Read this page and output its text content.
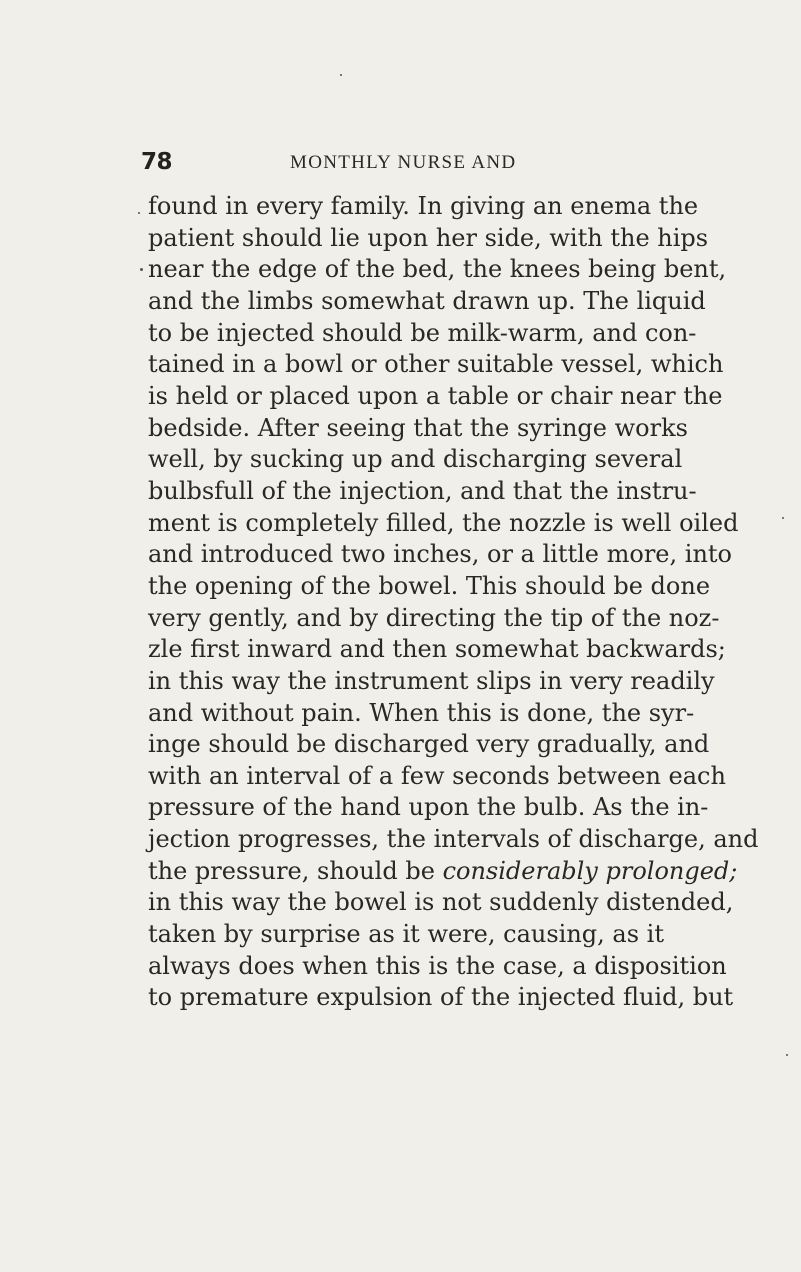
78	MONTHLY NURSE AND
found in every family. In giving an enema the
patient should lie upon her side, with the hips
near the edge of the bed, the knees being bent,
and the limbs somewhat drawn up. The liquid
to be injected should be milk-warm, and con-
tained in a bowl or other suitable vessel, which
is held or placed upon a table or chair near the
bedside. After seeing that the syringe works
well, by sucking up and discharging several
bulbsfull of the injection, and that the instru-
ment is completely filled, the nozzle is well oiled
and introduced two inches, or a little more, into
the opening of the bowel. This should be done
very gently, and by directing the tip of the noz-
zle first inward and then somewhat backwards;
in this way the instrument slips in very readily
and without pain. When this is done, the syr-
inge should be discharged very gradually, and
with an interval of a few seconds between each
pressure of the hand upon the bulb. As the in-
jection progresses, the intervals of discharge, and
the pressure, should be considerably prolonged;
in this way the bowel is not suddenly distended,
taken by surprise as it were, causing, as it
always does when this is the case, a disposition
to premature expulsion of the injected fluid, but
